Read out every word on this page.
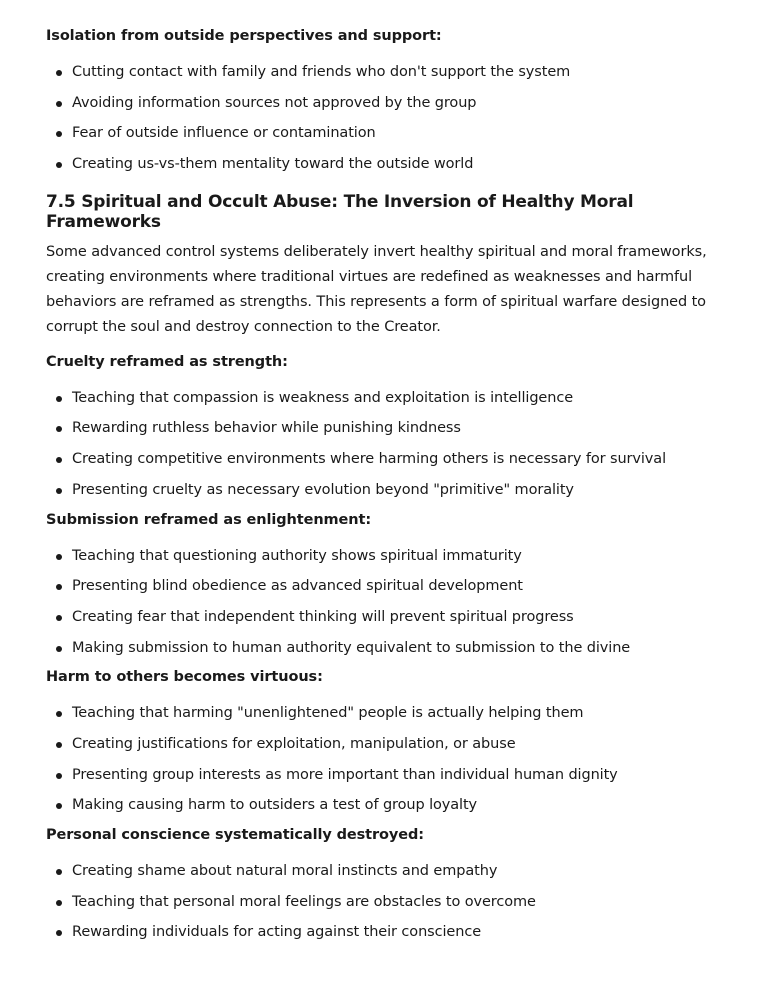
Isolation from outside perspectives and support:
Cutting contact with family and friends who don't support the system
Avoiding information sources not approved by the group
Fear of outside influence or contamination
Creating us-vs-them mentality toward the outside world
7.5 Spiritual and Occult Abuse: The Inversion of Healthy Moral Frameworks

Some advanced control systems deliberately invert healthy spiritual and moral frameworks, creating environments where traditional virtues are redefined as weaknesses and harmful behaviors are reframed as strengths. This represents a form of spiritual warfare designed to corrupt the soul and destroy connection to the Creator.

Cruelty reframed as strength:
Teaching that compassion is weakness and exploitation is intelligence
Rewarding ruthless behavior while punishing kindness
Creating competitive environments where harming others is necessary for survival
Presenting cruelty as necessary evolution beyond "primitive" morality
Submission reframed as enlightenment:
Teaching that questioning authority shows spiritual immaturity
Presenting blind obedience as advanced spiritual development
Creating fear that independent thinking will prevent spiritual progress
Making submission to human authority equivalent to submission to the divine
Harm to others becomes virtuous:
Teaching that harming "unenlightened" people is actually helping them
Creating justifications for exploitation, manipulation, or abuse
Presenting group interests as more important than individual human dignity
Making causing harm to outsiders a test of group loyalty
Personal conscience systematically destroyed:
Creating shame about natural moral instincts and empathy
Teaching that personal moral feelings are obstacles to overcome
Rewarding individuals for acting against their conscience
